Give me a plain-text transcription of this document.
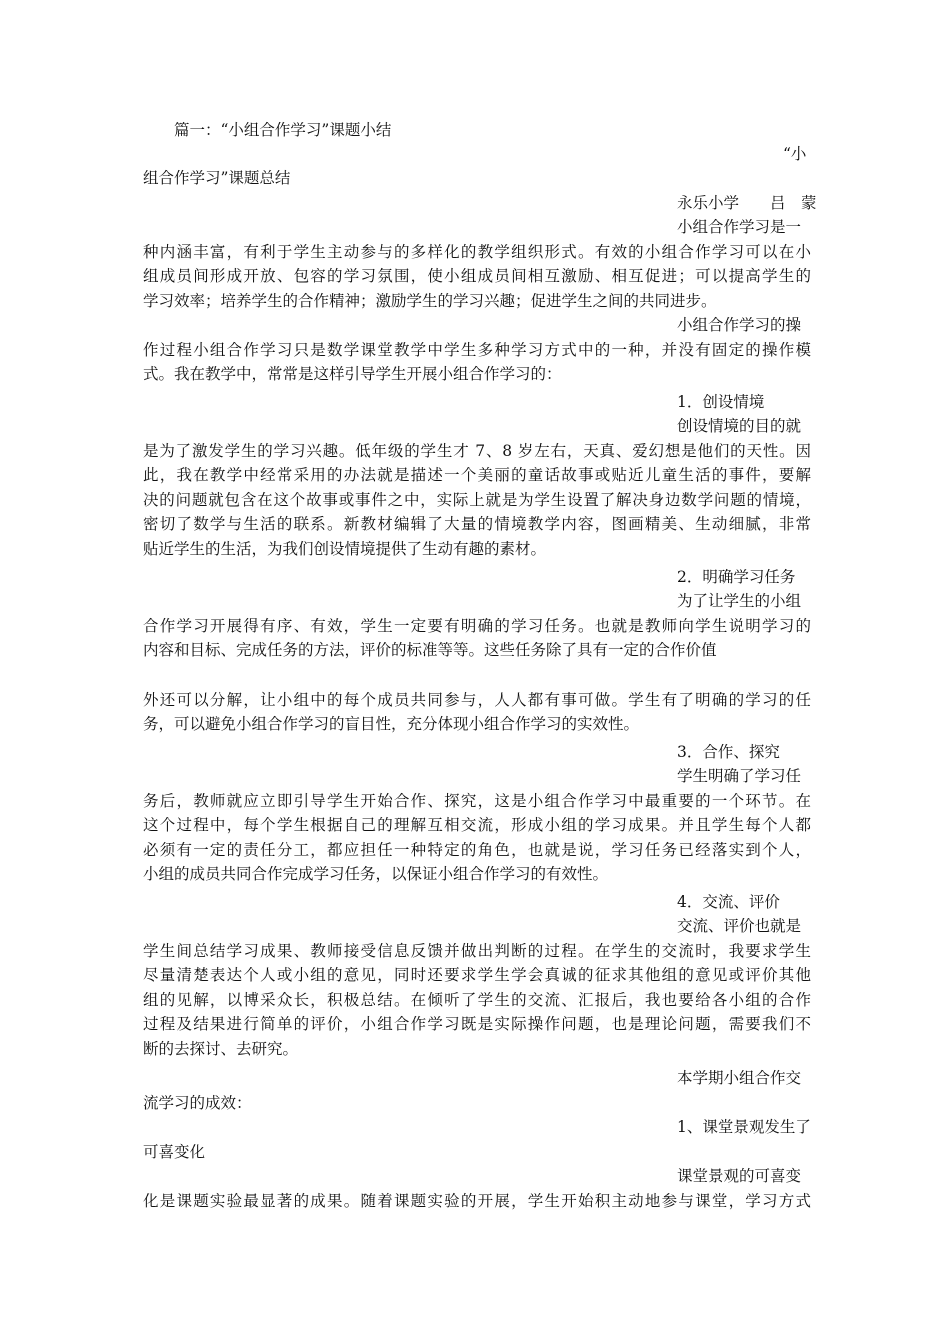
篇一：“小组合作学习”课题小结
“小
组合作学习”课题总结
永乐小学　　吕　蒙
小组合作学习是一
种内涵丰富，有利于学生主动参与的多样化的教学组织形式。有效的小组合作学习可以在小
组成员间形成开放、包容的学习氛围，使小组成员间相互激励、相互促进；可以提高学生的
学习效率；培养学生的合作精神；激励学生的学习兴趣；促进学生之间的共同进步。
小组合作学习的操
作过程小组合作学习只是数学课堂教学中学生多种学习方式中的一种，并没有固定的操作模
式。我在教学中，常常是这样引导学生开展小组合作学习的：
1．创设情境
创设情境的目的就
是为了激发学生的学习兴趣。低年级的学生才 7、8 岁左右，天真、爱幻想是他们的天性。因
此，我在教学中经常采用的办法就是描述一个美丽的童话故事或贴近儿童生活的事件，要解
决的问题就包含在这个故事或事件之中，实际上就是为学生设置了解决身边数学问题的情境，
密切了数学与生活的联系。新教材编辑了大量的情境教学内容，图画精美、生动细腻，非常
贴近学生的生活，为我们创设情境提供了生动有趣的素材。
2．明确学习任务
为了让学生的小组
合作学习开展得有序、有效，学生一定要有明确的学习任务。也就是教师向学生说明学习的
内容和目标、完成任务的方法，评价的标准等等。这些任务除了具有一定的合作价值
外还可以分解，让小组中的每个成员共同参与，人人都有事可做。学生有了明确的学习的任
务，可以避免小组合作学习的盲目性，充分体现小组合作学习的实效性。
3．合作、探究
学生明确了学习任
务后，教师就应立即引导学生开始合作、探究，这是小组合作学习中最重要的一个环节。在
这个过程中，每个学生根据自己的理解互相交流，形成小组的学习成果。并且学生每个人都
必须有一定的责任分工，都应担任一种特定的角色，也就是说，学习任务已经落实到个人，
小组的成员共同合作完成学习任务，以保证小组合作学习的有效性。
4．交流、评价
交流、评价也就是
学生间总结学习成果、教师接受信息反馈并做出判断的过程。在学生的交流时，我要求学生
尽量清楚表达个人或小组的意见，同时还要求学生学会真诚的征求其他组的意见或评价其他
组的见解，以博采众长，积极总结。在倾听了学生的交流、汇报后，我也要给各小组的合作
过程及结果进行简单的评价，小组合作学习既是实际操作问题，也是理论问题，需要我们不
断的去探讨、去研究。
本学期小组合作交
流学习的成效：
1、课堂景观发生了
可喜变化
课堂景观的可喜变
化是课题实验最显著的成果。随着课题实验的开展，学生开始积主动地参与课堂，学习方式
